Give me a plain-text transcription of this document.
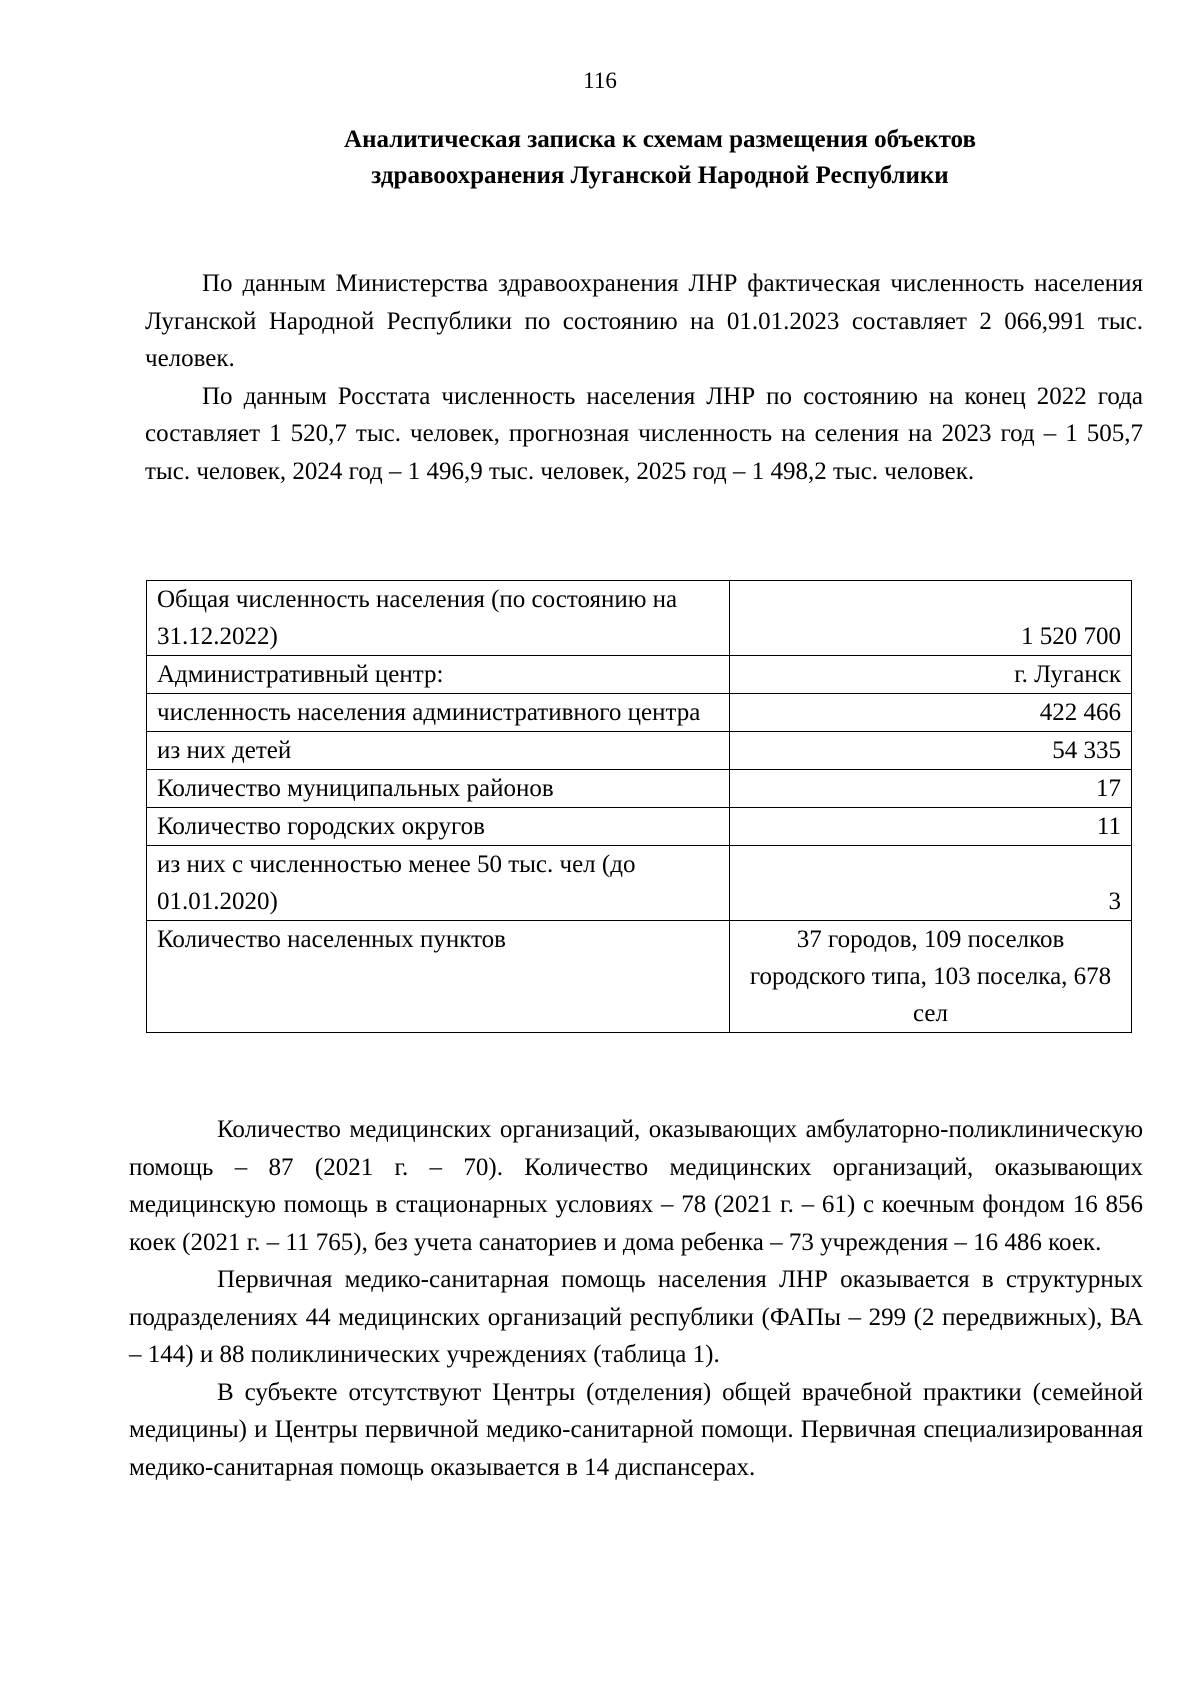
116
Аналитическая записка к схемам размещения объектов
здравоохранения Луганской Народной Республики

По данным Министерства здравоохранения ЛНР фактическая численность населения Луганской Народной Республики по состоянию на 01.01.2023 составляет 2 066,991 тыс. человек.

По данным Росстата численность населения ЛНР по состоянию на конец 2022 года составляет 1 520,7 тыс. человек, прогнозная численность на селения на 2023 год – 1 505,7 тыс. человек, 2024 год – 1 496,9 тыс. человек, 2025 год – 1 498,2 тыс. человек.

Общая численность населения (по состоянию на 31.12.2022)	1 520 700
Административный центр:	г. Луганск
численность населения административного центра	422 466
из них детей	54 335
Количество муниципальных районов	17
Количество городских округов	11
из них с численностью менее 50 тыс. чел (до 01.01.2020)	3
Количество населенных пунктов	37 городов, 109 поселков городского типа, 103 поселка, 678 сел

Количество медицинских организаций, оказывающих амбулаторно-поликлиническую помощь – 87 (2021 г. – 70). Количество медицинских организаций, оказывающих медицинскую помощь в стационарных условиях – 78 (2021 г. – 61) с коечным фондом 16 856 коек (2021 г. – 11 765), без учета санаториев и дома ребенка – 73 учреждения – 16 486 коек.

Первичная медико-санитарная помощь населения ЛНР оказывается в структурных подразделениях 44 медицинских организаций республики (ФАПы – 299 (2 передвижных), ВА – 144) и 88 поликлинических учреждениях (таблица 1).

В субъекте отсутствуют Центры (отделения) общей врачебной практики (семейной медицины) и Центры первичной медико-санитарной помощи. Первичная специализированная медико-санитарная помощь оказывается в 14 диспансерах.
